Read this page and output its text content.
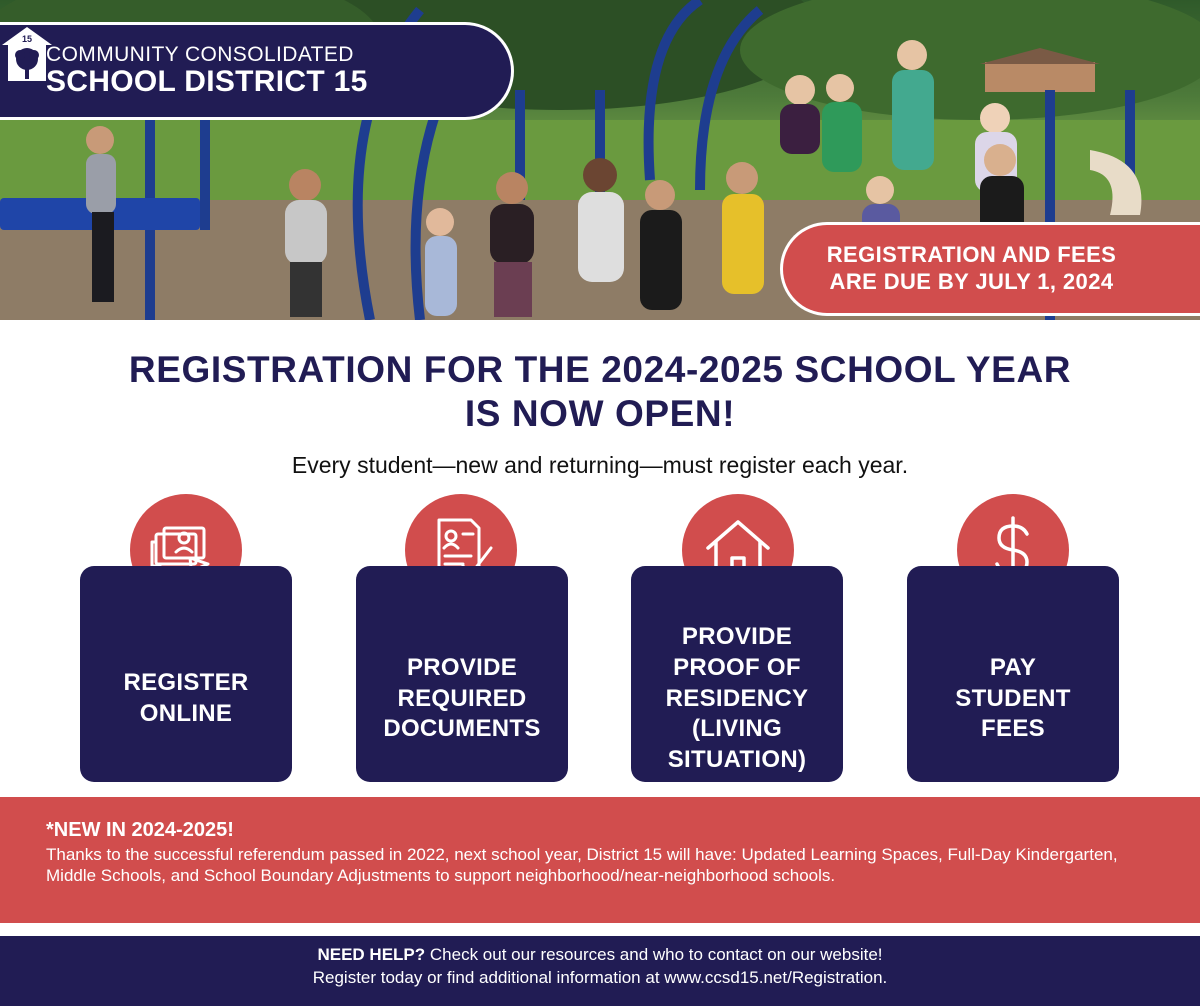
15
COMMUNITY CONSOLIDATED
SCHOOL DISTRICT 15
REGISTRATION AND FEES
ARE DUE BY JULY 1, 2024
REGISTRATION FOR THE 2024-2025 SCHOOL YEAR
IS NOW OPEN!
Every student—new and returning—must register each year.
REGISTER
ONLINE
PROVIDE
REQUIRED
DOCUMENTS
PROVIDE
PROOF OF
RESIDENCY
(LIVING
SITUATION)
PAY
STUDENT
FEES
*NEW IN 2024-2025!
Thanks to the successful referendum passed in 2022, next school year, District 15 will have: Updated Learning Spaces, Full-Day Kindergarten, Middle Schools, and School Boundary Adjustments to support neighborhood/near-neighborhood schools.
NEED HELP? Check out our resources and who to contact on our website!
Register today or find additional information at www.ccsd15.net/Registration.
